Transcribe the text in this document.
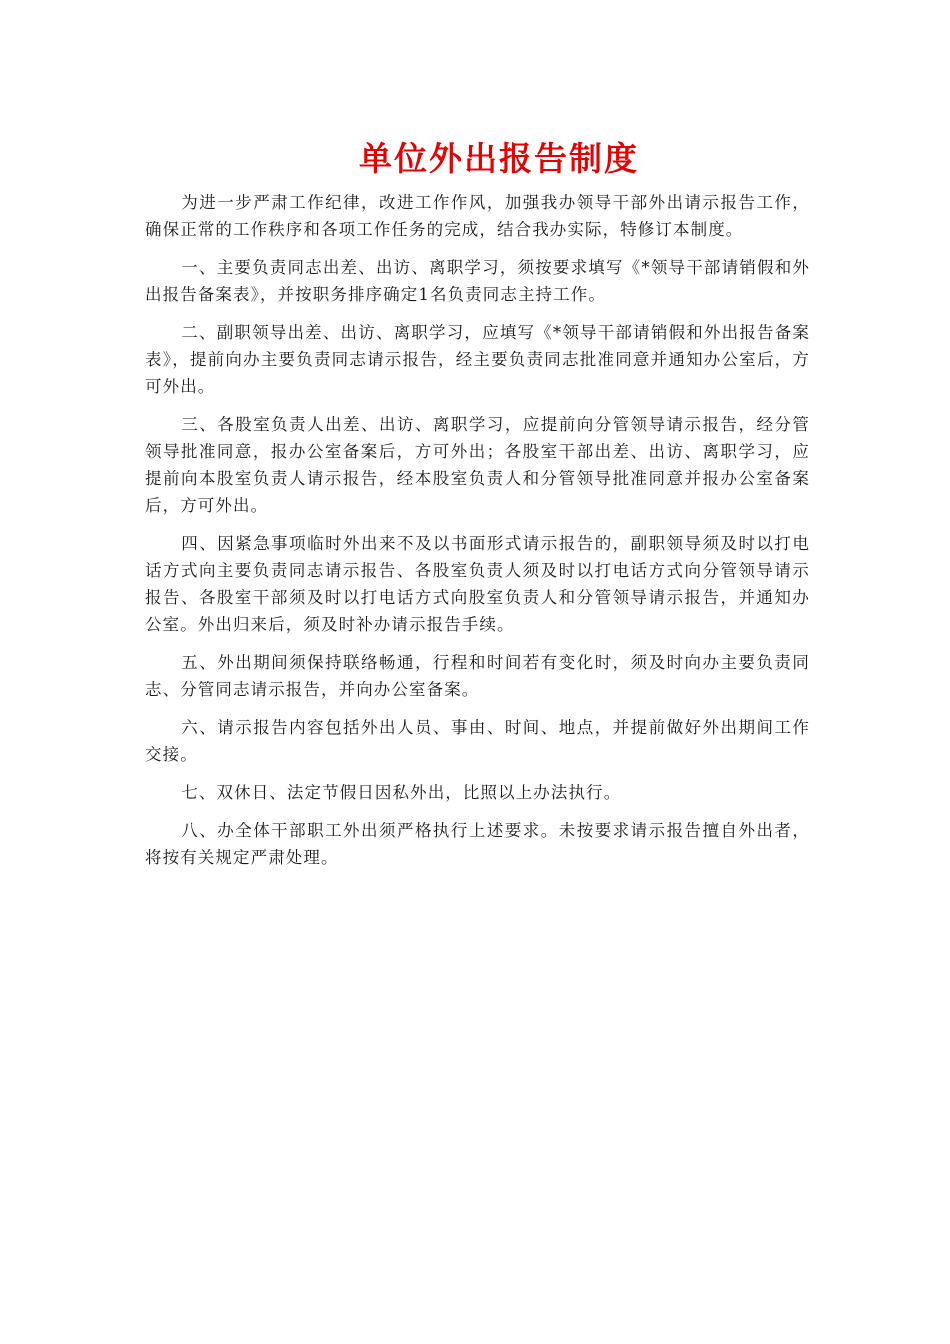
单位外出报告制度

为进一步严肃工作纪律，改进工作作风，加强我办领导干部外出请示报告工作，确保正常的工作秩序和各项工作任务的完成，结合我办实际，特修订本制度。

一、主要负责同志出差、出访、离职学习，须按要求填写《*领导干部请销假和外出报告备案表》，并按职务排序确定1名负责同志主持工作。

二、副职领导出差、出访、离职学习，应填写《*领导干部请销假和外出报告备案表》，提前向办主要负责同志请示报告，经主要负责同志批准同意并通知办公室后，方可外出。

三、各股室负责人出差、出访、离职学习，应提前向分管领导请示报告，经分管领导批准同意，报办公室备案后，方可外出；各股室干部出差、出访、离职学习，应提前向本股室负责人请示报告，经本股室负责人和分管领导批准同意并报办公室备案后，方可外出。

四、因紧急事项临时外出来不及以书面形式请示报告的，副职领导须及时以打电话方式向主要负责同志请示报告、各股室负责人须及时以打电话方式向分管领导请示报告、各股室干部须及时以打电话方式向股室负责人和分管领导请示报告，并通知办公室。外出归来后，须及时补办请示报告手续。

五、外出期间须保持联络畅通，行程和时间若有变化时，须及时向办主要负责同志、分管同志请示报告，并向办公室备案。

六、请示报告内容包括外出人员、事由、时间、地点，并提前做好外出期间工作交接。

七、双休日、法定节假日因私外出，比照以上办法执行。

八、办全体干部职工外出须严格执行上述要求。未按要求请示报告擅自外出者，将按有关规定严肃处理。
